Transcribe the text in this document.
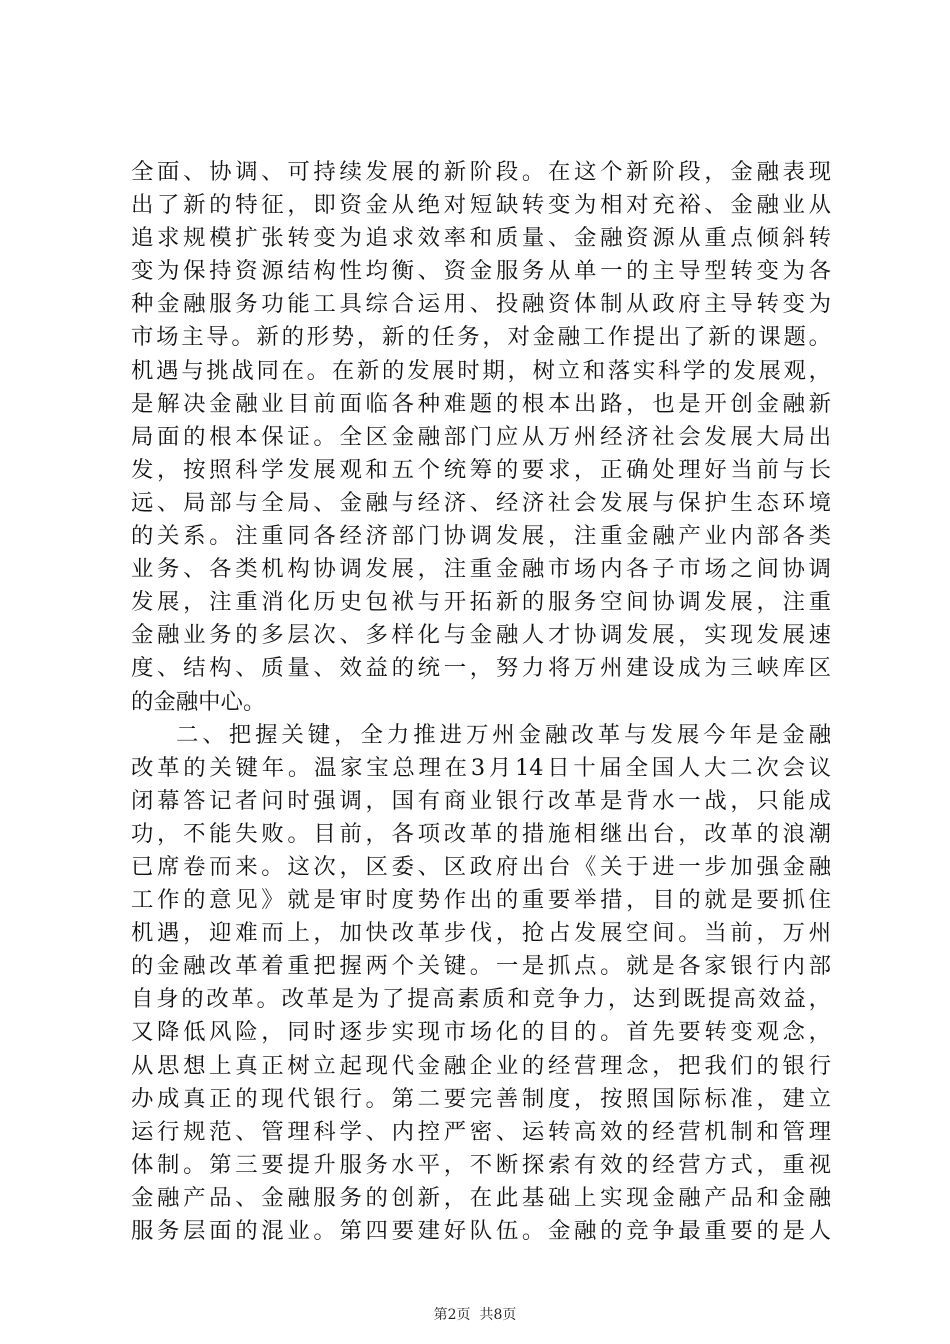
全面、协调、可持续发展的新阶段。在这个新阶段，金融表现
出了新的特征，即资金从绝对短缺转变为相对充裕、金融业从
追求规模扩张转变为追求效率和质量、金融资源从重点倾斜转
变为保持资源结构性均衡、资金服务从单一的主导型转变为各
种金融服务功能工具综合运用、投融资体制从政府主导转变为
市场主导。新的形势，新的任务，对金融工作提出了新的课题。
机遇与挑战同在。在新的发展时期，树立和落实科学的发展观，
是解决金融业目前面临各种难题的根本出路，也是开创金融新
局面的根本保证。全区金融部门应从万州经济社会发展大局出
发，按照科学发展观和五个统筹的要求，正确处理好当前与长
远、局部与全局、金融与经济、经济社会发展与保护生态环境
的关系。注重同各经济部门协调发展，注重金融产业内部各类
业务、各类机构协调发展，注重金融市场内各子市场之间协调
发展，注重消化历史包袱与开拓新的服务空间协调发展，注重
金融业务的多层次、多样化与金融人才协调发展，实现发展速
度、结构、质量、效益的统一，努力将万州建设成为三峡库区
的金融中心。
二、把握关键，全力推进万州金融改革与发展今年是金融
改革的关键年。温家宝总理在3月14日十届全国人大二次会议
闭幕答记者问时强调，国有商业银行改革是背水一战，只能成
功，不能失败。目前，各项改革的措施相继出台，改革的浪潮
已席卷而来。这次，区委、区政府出台《关于进一步加强金融
工作的意见》就是审时度势作出的重要举措，目的就是要抓住
机遇，迎难而上，加快改革步伐，抢占发展空间。当前，万州
的金融改革着重把握两个关键。一是抓点。就是各家银行内部
自身的改革。改革是为了提高素质和竞争力，达到既提高效益，
又降低风险，同时逐步实现市场化的目的。首先要转变观念，
从思想上真正树立起现代金融企业的经营理念，把我们的银行
办成真正的现代银行。第二要完善制度，按照国际标准，建立
运行规范、管理科学、内控严密、运转高效的经营机制和管理
体制。第三要提升服务水平，不断探索有效的经营方式，重视
金融产品、金融服务的创新，在此基础上实现金融产品和金融
服务层面的混业。第四要建好队伍。金融的竞争最重要的是人
第2页  共8页
